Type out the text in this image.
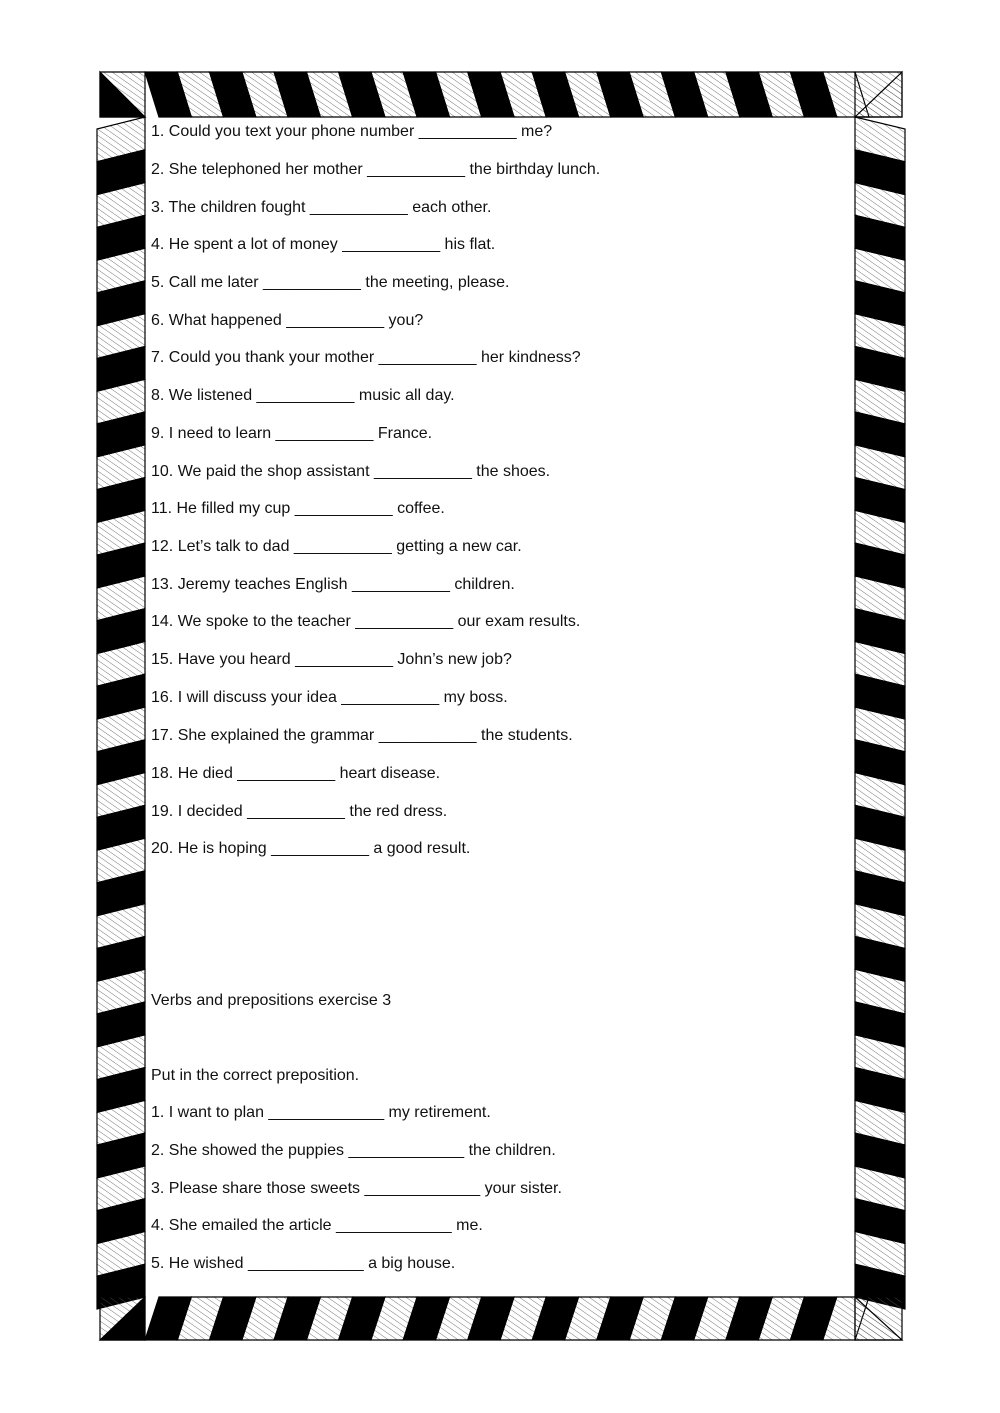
1. Could you text your phone number ___________ me?
2. She telephoned her mother ___________ the birthday lunch.
3. The children fought ___________ each other.
4. He spent a lot of money ___________ his flat.
5. Call me later ___________ the meeting, please.
6. What happened ___________ you?
7. Could you thank your mother ___________ her kindness?
8. We listened ___________ music all day.
9. I need to learn ___________ France.
10. We paid the shop assistant ___________ the shoes.
11. He filled my cup ___________ coffee.
12. Let’s talk to dad ___________ getting a new car.
13. Jeremy teaches English ___________ children.
14. We spoke to the teacher ___________ our exam results.
15. Have you heard ___________ John’s new job?
16. I will discuss your idea ___________ my boss.
17. She explained the grammar ___________ the students.
18. He died ___________ heart disease.
19. I decided ___________ the red dress.
20. He is hoping ___________ a good result.
Verbs and prepositions exercise 3
Put in the correct preposition.
1. I want to plan _____________ my retirement.
2. She showed the puppies _____________ the children.
3. Please share those sweets _____________ your sister.
4. She emailed the article _____________ me.
5. He wished _____________ a big house.
